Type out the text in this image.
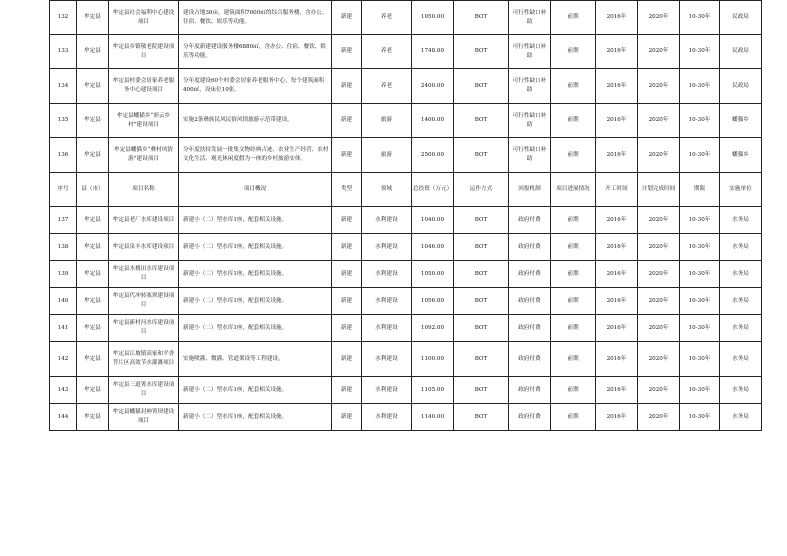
132	牟定县	牟定县社会福利中心建设项目	建设占地30亩，建筑面积7000㎡的综合服务楼，含办公、住宿、餐饮、娱乐等功能。	新建	养老	1050.00	BOT	可行性缺口补助	前期	2016年	2020年	10-30年	民政局
133	牟定县	牟定县乡镇敬老院建设项目	分年度新建建设服务楼6880㎡，含办公、住宿、餐饮、娱乐等功能。	新建	养老	1748.00	BOT	可行性缺口补助	前期	2016年	2020年	10-30年	民政局
134	牟定县	牟定县村委会居家养老服务中心建设项目	分年度建设60个村委会居家养老服务中心，每个建筑面积400㎡，设床位10张。	新建	养老	2400.00	BOT	可行性缺口补助	前期	2016年	2020年	10-30年	民政局
135	牟定县	牟定县蟠猫乡“彩云乡村”建设项目	实施2条彝族民风民俗风情旅游示范带建设。	新建	旅游	1400.00	BOT	可行性缺口补助	前期	2016年	2020年	10-30年	蟠猫乡
136	牟定县	牟定县蟠猫乡“彝村风情游”建设项目	分年度扶持发展一批集文物经典古迹、农业生产经营、农村文化生活、观光休闲度假为一体的乡村旅游实体。	新建	旅游	2500.00	BOT	可行性缺口补助	前期	2016年	2020年	10-30年	蟠猫乡
序号	县（市）	项目名称	项目概况	类型	领域	总投资（万元）	运作方式	回报机制	项目进展情况	开工时间	计划完成时间	期限	实施单位
137	牟定县	牟定县老厂水库建设项目	新建小（二）型水库1座，配套相关设施。	新建	水利建设	1040.00	BOT	政府付费	前期	2016年	2020年	10-30年	水务局
138	牟定县	牟定县泉丰水库建设项目	新建小（二）型水库1座，配套相关设施。	新建	水利建设	1046.00	BOT	政府付费	前期	2016年	2020年	10-30年	水务局
139	牟定县	牟定县水桃田水库建设项目	新建小（二）型水库1座，配套相关设施。	新建	水利建设	1050.00	BOT	政府付费	前期	2016年	2020年	10-30年	水务局
140	牟定县	牟定县代冲转塞坝建设项目	新建小（二）型水库1座，配套相关设施。	新建	水利建设	1056.00	BOT	政府付费	前期	2016年	2020年	10-30年	水务局
141	牟定县	牟定县新村河水库建设项目	新建小（二）型水库1座，配套相关设施。	新建	水利建设	1092.00	BOT	政府付费	前期	2016年	2020年	10-30年	水务局
142	牟定县	牟定县江坡镇高家和平香菩片区高效节水灌溉项目	实施喷灌、微灌、管道架设等工程建设。	新建	水利建设	1100.00	BOT	政府付费	前期	2016年	2020年	10-30年	水务局
143	牟定县	牟定县三道箐水库建设项目	新建小（二）型水库1座，配套相关设施。	新建	水利建设	1105.00	BOT	政府付费	前期	2016年	2020年	10-30年	水务局
144	牟定县	牟定县蟠猫封神箐坝建设项目	新建小（二）型水库1座，配套相关设施。	新建	水利建设	1140.00	BOT	政府付费	前期	2016年	2020年	10-30年	水务局
